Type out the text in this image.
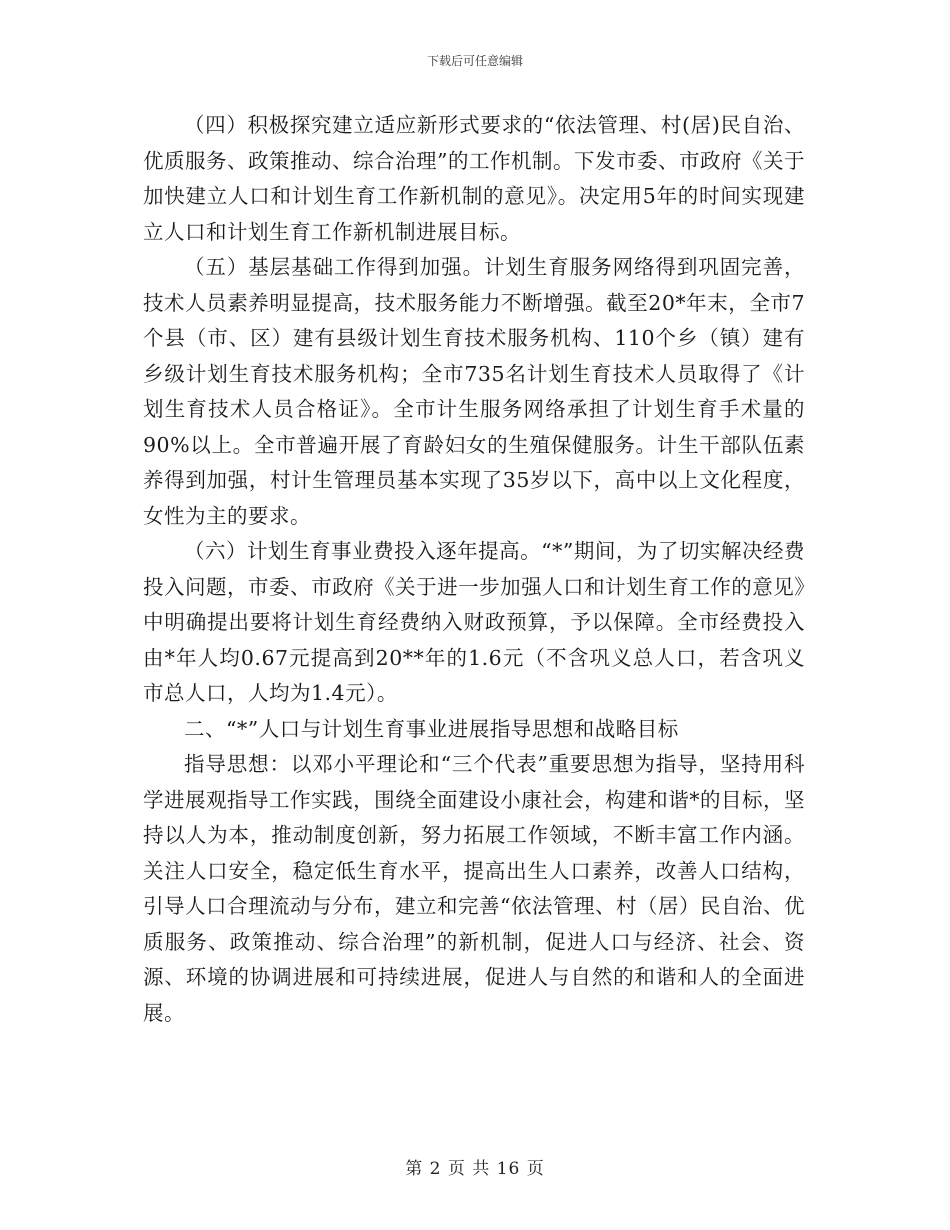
下载后可任意编辑

（四）积极探究建立适应新形式要求的“依法管理、村(居)民自治、优质服务、政策推动、综合治理”的工作机制。下发市委、市政府《关于加快建立人口和计划生育工作新机制的意见》。决定用5年的时间实现建立人口和计划生育工作新机制进展目标。

（五）基层基础工作得到加强。计划生育服务网络得到巩固完善，技术人员素养明显提高，技术服务能力不断增强。截至20*年末，全市7个县（市、区）建有县级计划生育技术服务机构、110个乡（镇）建有乡级计划生育技术服务机构；全市735名计划生育技术人员取得了《计划生育技术人员合格证》。全市计生服务网络承担了计划生育手术量的90%以上。全市普遍开展了育龄妇女的生殖保健服务。计生干部队伍素养得到加强，村计生管理员基本实现了35岁以下，高中以上文化程度，女性为主的要求。

（六）计划生育事业费投入逐年提高。“*”期间，为了切实解决经费投入问题，市委、市政府《关于进一步加强人口和计划生育工作的意见》中明确提出要将计划生育经费纳入财政预算，予以保障。全市经费投入由*年人均0.67元提高到20**年的1.6元（不含巩义总人口，若含巩义市总人口，人均为1.4元）。

二、“*”人口与计划生育事业进展指导思想和战略目标

指导思想：以邓小平理论和“三个代表”重要思想为指导，坚持用科学进展观指导工作实践，围绕全面建设小康社会，构建和谐*的目标，坚持以人为本，推动制度创新，努力拓展工作领域，不断丰富工作内涵。关注人口安全，稳定低生育水平，提高出生人口素养，改善人口结构，引导人口合理流动与分布，建立和完善“依法管理、村（居）民自治、优质服务、政策推动、综合治理”的新机制，促进人口与经济、社会、资源、环境的协调进展和可持续进展，促进人与自然的和谐和人的全面进展。

第 2 页 共 16 页
